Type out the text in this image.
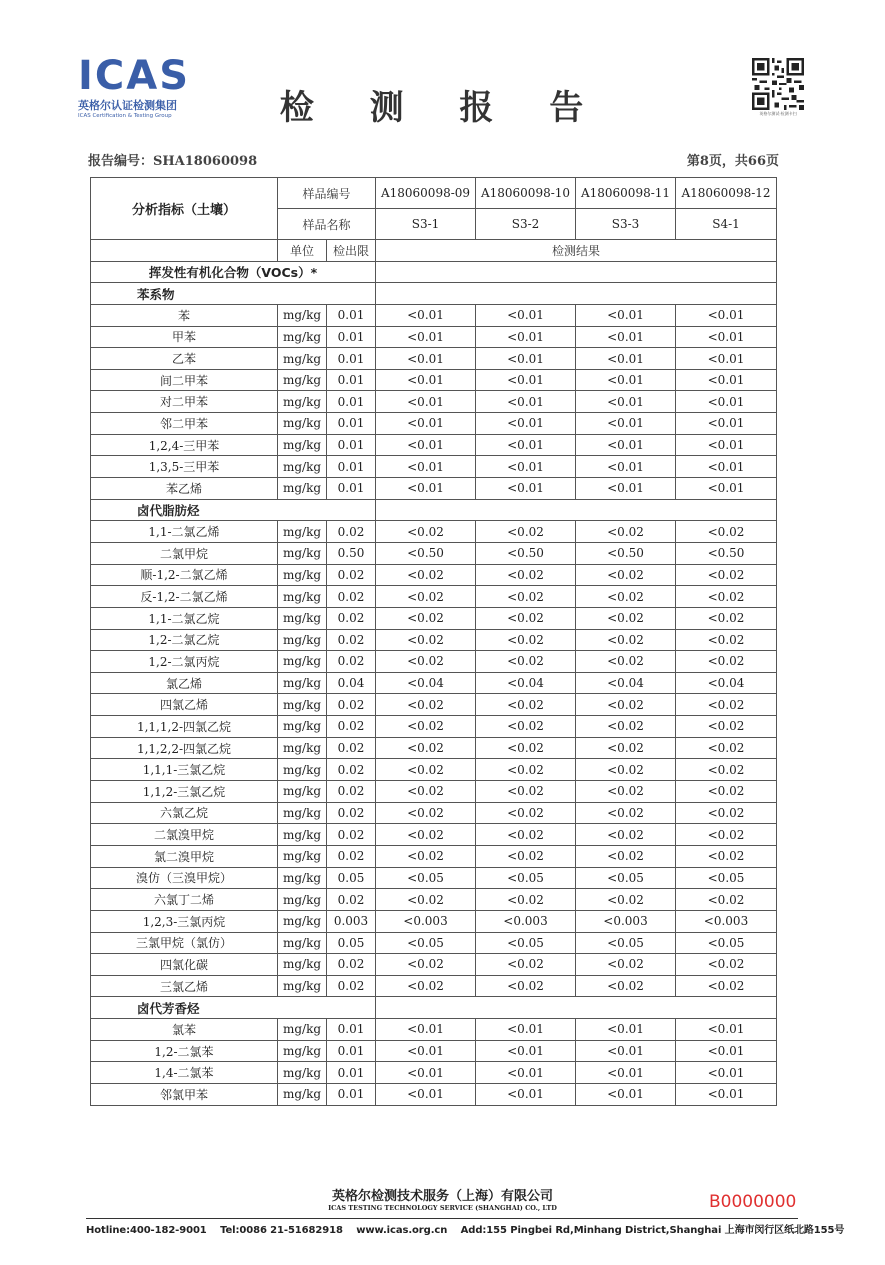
ICAS
英格尔认证检测集团
ICAS Certification & Testing Group	检 测 报 告	英格尔测试·检测卡扫
报告编号：SHA18060098	第8页，共66页
分析指标（土壤）	样品编号		A18060098-09	A18060098-10	A18060098-11	A18060098-12
	样品名称		S3-1	S3-2	S3-3	S4-1
	单位	检出限	检测结果			
挥发性有机化合物（VOCs）*						
苯系物						
苯	mg/kg	0.01	<0.01	<0.01	<0.01	<0.01
甲苯	mg/kg	0.01	<0.01	<0.01	<0.01	<0.01
乙苯	mg/kg	0.01	<0.01	<0.01	<0.01	<0.01
间二甲苯	mg/kg	0.01	<0.01	<0.01	<0.01	<0.01
对二甲苯	mg/kg	0.01	<0.01	<0.01	<0.01	<0.01
邻二甲苯	mg/kg	0.01	<0.01	<0.01	<0.01	<0.01
1,2,4-三甲苯	mg/kg	0.01	<0.01	<0.01	<0.01	<0.01
1,3,5-三甲苯	mg/kg	0.01	<0.01	<0.01	<0.01	<0.01
苯乙烯	mg/kg	0.01	<0.01	<0.01	<0.01	<0.01
卤代脂肪烃						
1,1-二氯乙烯	mg/kg	0.02	<0.02	<0.02	<0.02	<0.02
二氯甲烷	mg/kg	0.50	<0.50	<0.50	<0.50	<0.50
顺-1,2-二氯乙烯	mg/kg	0.02	<0.02	<0.02	<0.02	<0.02
反-1,2-二氯乙烯	mg/kg	0.02	<0.02	<0.02	<0.02	<0.02
1,1-二氯乙烷	mg/kg	0.02	<0.02	<0.02	<0.02	<0.02
1,2-二氯乙烷	mg/kg	0.02	<0.02	<0.02	<0.02	<0.02
1,2-二氯丙烷	mg/kg	0.02	<0.02	<0.02	<0.02	<0.02
氯乙烯	mg/kg	0.04	<0.04	<0.04	<0.04	<0.04
四氯乙烯	mg/kg	0.02	<0.02	<0.02	<0.02	<0.02
1,1,1,2-四氯乙烷	mg/kg	0.02	<0.02	<0.02	<0.02	<0.02
1,1,2,2-四氯乙烷	mg/kg	0.02	<0.02	<0.02	<0.02	<0.02
1,1,1-三氯乙烷	mg/kg	0.02	<0.02	<0.02	<0.02	<0.02
1,1,2-三氯乙烷	mg/kg	0.02	<0.02	<0.02	<0.02	<0.02
六氯乙烷	mg/kg	0.02	<0.02	<0.02	<0.02	<0.02
二氯溴甲烷	mg/kg	0.02	<0.02	<0.02	<0.02	<0.02
氯二溴甲烷	mg/kg	0.02	<0.02	<0.02	<0.02	<0.02
溴仿（三溴甲烷）	mg/kg	0.05	<0.05	<0.05	<0.05	<0.05
六氯丁二烯	mg/kg	0.02	<0.02	<0.02	<0.02	<0.02
1,2,3-三氯丙烷	mg/kg	0.003	<0.003	<0.003	<0.003	<0.003
三氯甲烷（氯仿）	mg/kg	0.05	<0.05	<0.05	<0.05	<0.05
四氯化碳	mg/kg	0.02	<0.02	<0.02	<0.02	<0.02
三氯乙烯	mg/kg	0.02	<0.02	<0.02	<0.02	<0.02
卤代芳香烃						
氯苯	mg/kg	0.01	<0.01	<0.01	<0.01	<0.01
1,2-二氯苯	mg/kg	0.01	<0.01	<0.01	<0.01	<0.01
1,4-二氯苯	mg/kg	0.01	<0.01	<0.01	<0.01	<0.01
邻氯甲苯	mg/kg	0.01	<0.01	<0.01	<0.01	<0.01
英格尔检测技术服务（上海）有限公司
ICAS TESTING TECHNOLOGY SERVICE (SHANGHAI) CO., LTD	B0000000
Hotline:400-182-9001 Tel:0086 21-51682918 www.icas.org.cn Add:155 Pingbei Rd,Minhang District,Shanghai 上海市闵行区纸北路155号
